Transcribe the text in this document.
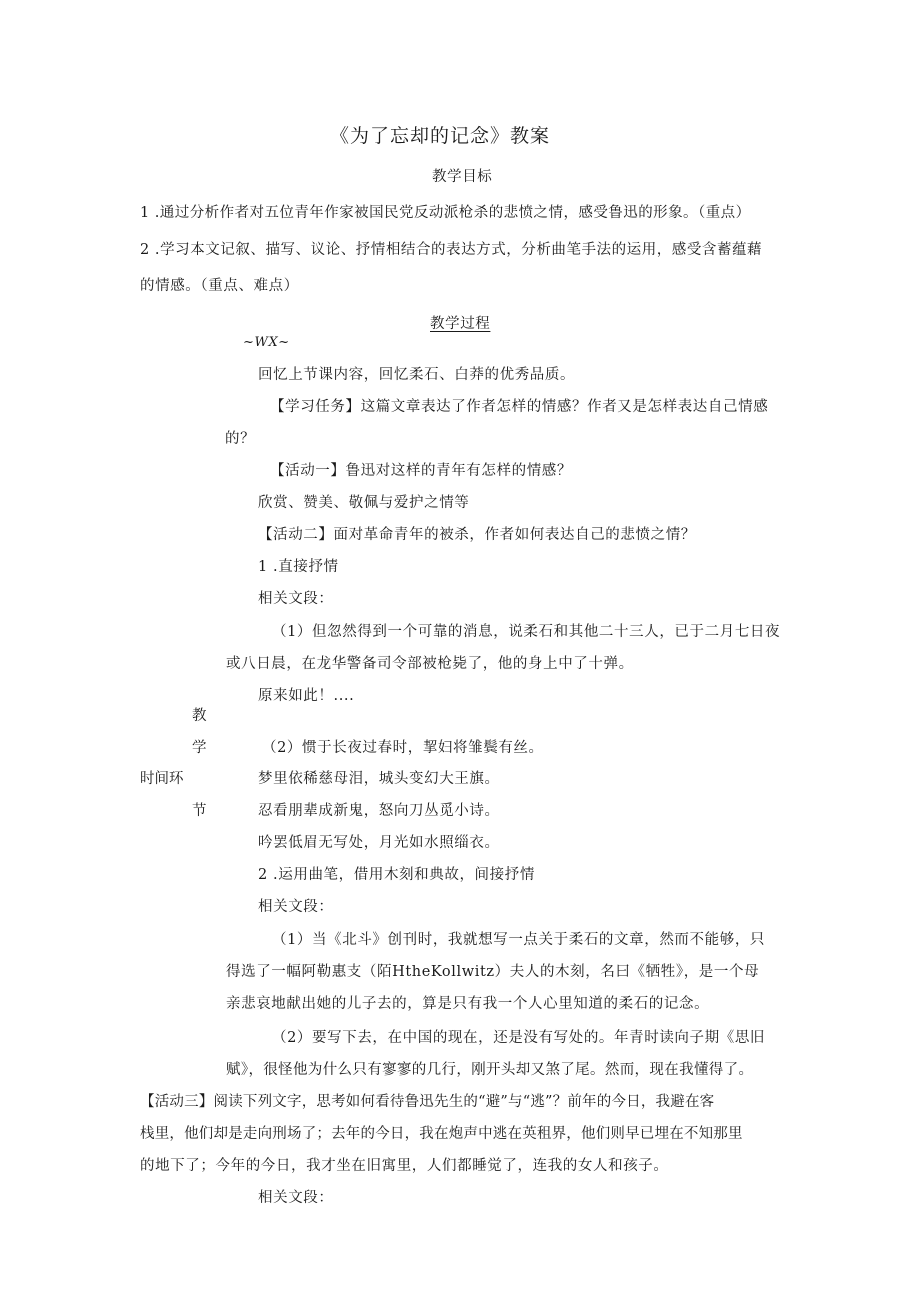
《为了忘却的记念》教案
教学目标
1 .通过分析作者对五位青年作家被国民党反动派枪杀的悲愤之情，感受鲁迅的形象。（重点）
2 .学习本文记叙、描写、议论、抒情相结合的表达方式，分析曲笔手法的运用，感受含蓄蕴藉
的情感。（重点、难点）
教学过程
~WX~
回忆上节课内容，回忆柔石、白莽的优秀品质。
【学习任务】这篇文章表达了作者怎样的情感？作者又是怎样表达自己情感
的？
【活动一】鲁迅对这样的青年有怎样的情感？
欣赏、赞美、敬佩与爱护之情等
【活动二】面对革命青年的被杀，作者如何表达自己的悲愤之情？
1 .直接抒情
相关文段：
（1）但忽然得到一个可靠的消息，说柔石和其他二十三人，已于二月七日夜
或八日晨，在龙华警备司令部被枪毙了，他的身上中了十弹。
原来如此！....
教
学
时间环
节
（2）惯于长夜过春时，挈妇将雏鬓有丝。
梦里依稀慈母泪，城头变幻大王旗。
忍看朋辈成新鬼，怒向刀丛觅小诗。
吟罢低眉无写处，月光如水照缁衣。
2 .运用曲笔，借用木刻和典故，间接抒情
相关文段：
（1）当《北斗》创刊时，我就想写一点关于柔石的文章，然而不能够，只
得选了一幅阿勒惠支（陌HtheKollwitz）夫人的木刻，名曰《牺牲》，是一个母
亲悲哀地献出她的儿子去的，算是只有我一个人心里知道的柔石的记念。
（2）要写下去，在中国的现在，还是没有写处的。年青时读向子期《思旧
赋》，很怪他为什么只有寥寥的几行，刚开头却又煞了尾。然而，现在我懂得了。
【活动三】阅读下列文字，思考如何看待鲁迅先生的“避”与“逃”？前年的今日，我避在客
栈里，他们却是走向刑场了；去年的今日，我在炮声中逃在英租界，他们则早已埋在不知那里
的地下了；今年的今日，我才坐在旧寓里，人们都睡觉了，连我的女人和孩子。
相关文段：
